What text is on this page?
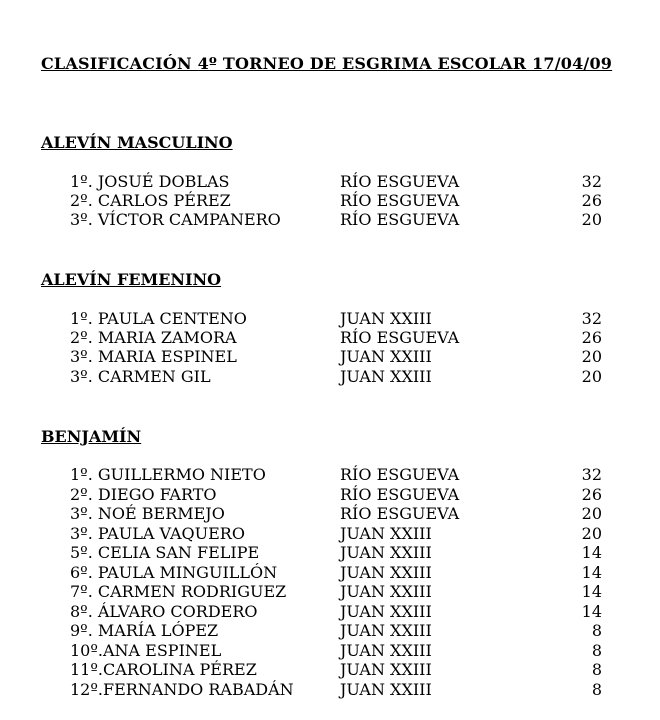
CLASIFICACIÓN 4º TORNEO DE ESGRIMA ESCOLAR 17/04/09
ALEVÍN MASCULINO
1º. JOSUÉ DOBLAS	RÍO ESGUEVA	32
2º. CARLOS PÉREZ	RÍO ESGUEVA	26
3º. VÍCTOR CAMPANERO	RÍO ESGUEVA	20
ALEVÍN FEMENINO
1º. PAULA CENTENO	JUAN XXIII	32
2º. MARIA ZAMORA	RÍO ESGUEVA	26
3º. MARIA ESPINEL	JUAN XXIII	20
3º. CARMEN GIL	JUAN XXIII	20
BENJAMÍN
1º. GUILLERMO NIETO	RÍO ESGUEVA	32
2º. DIEGO FARTO	RÍO ESGUEVA	26
3º. NOÉ BERMEJO	RÍO ESGUEVA	20
3º. PAULA VAQUERO	JUAN XXIII	20
5º. CELIA SAN FELIPE	JUAN XXIII	14
6º. PAULA MINGUILLÓN	JUAN XXIII	14
7º. CARMEN RODRIGUEZ	JUAN XXIII	14
8º. ÁLVARO CORDERO	JUAN XXIII	14
9º. MARÍA LÓPEZ	JUAN XXIII	8
10º.ANA ESPINEL	JUAN XXIII	8
11º.CAROLINA PÉREZ	JUAN XXIII	8
12º.FERNANDO RABADÁN	JUAN XXIII	8
